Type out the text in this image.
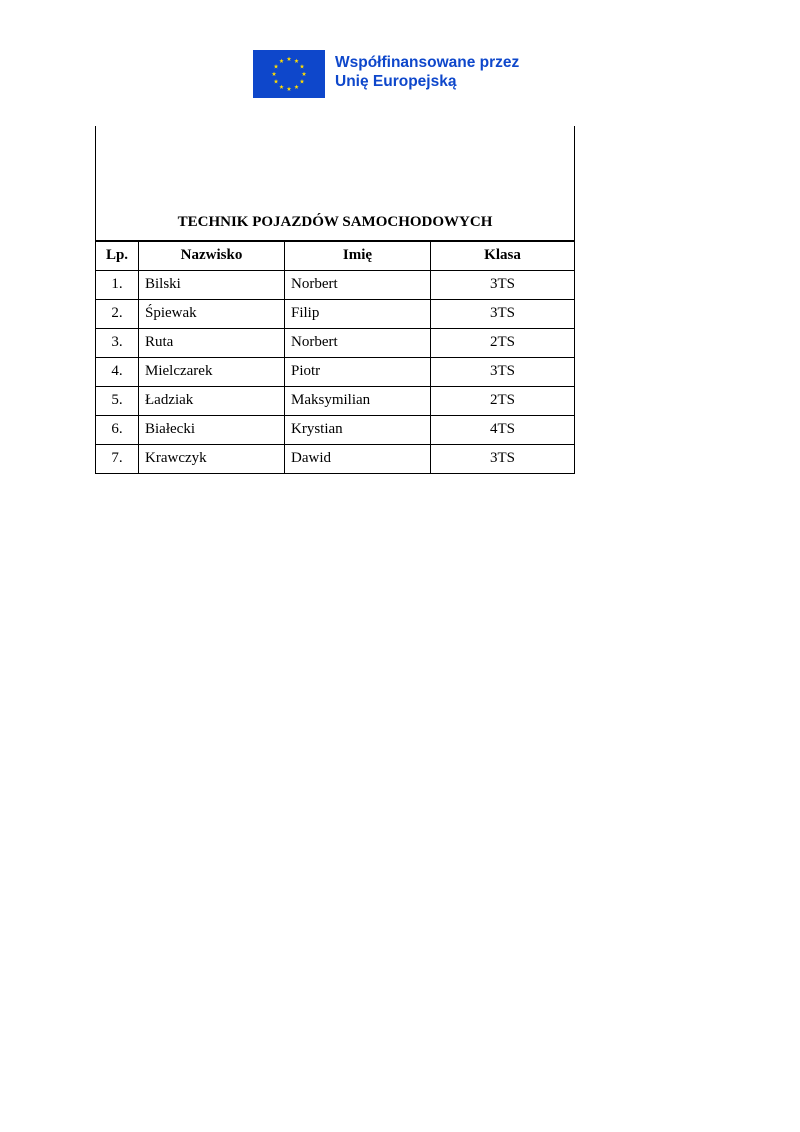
Współfinansowane przez
Unię Europejską
TECHNIK POJAZDÓW SAMOCHODOWYCH
Lp.	Nazwisko	Imię	Klasa
1.	Bilski	Norbert	3TS
2.	Śpiewak	Filip	3TS
3.	Ruta	Norbert	2TS
4.	Mielczarek	Piotr	3TS
5.	Ładziak	Maksymilian	2TS
6.	Białecki	Krystian	4TS
7.	Krawczyk	Dawid	3TS
